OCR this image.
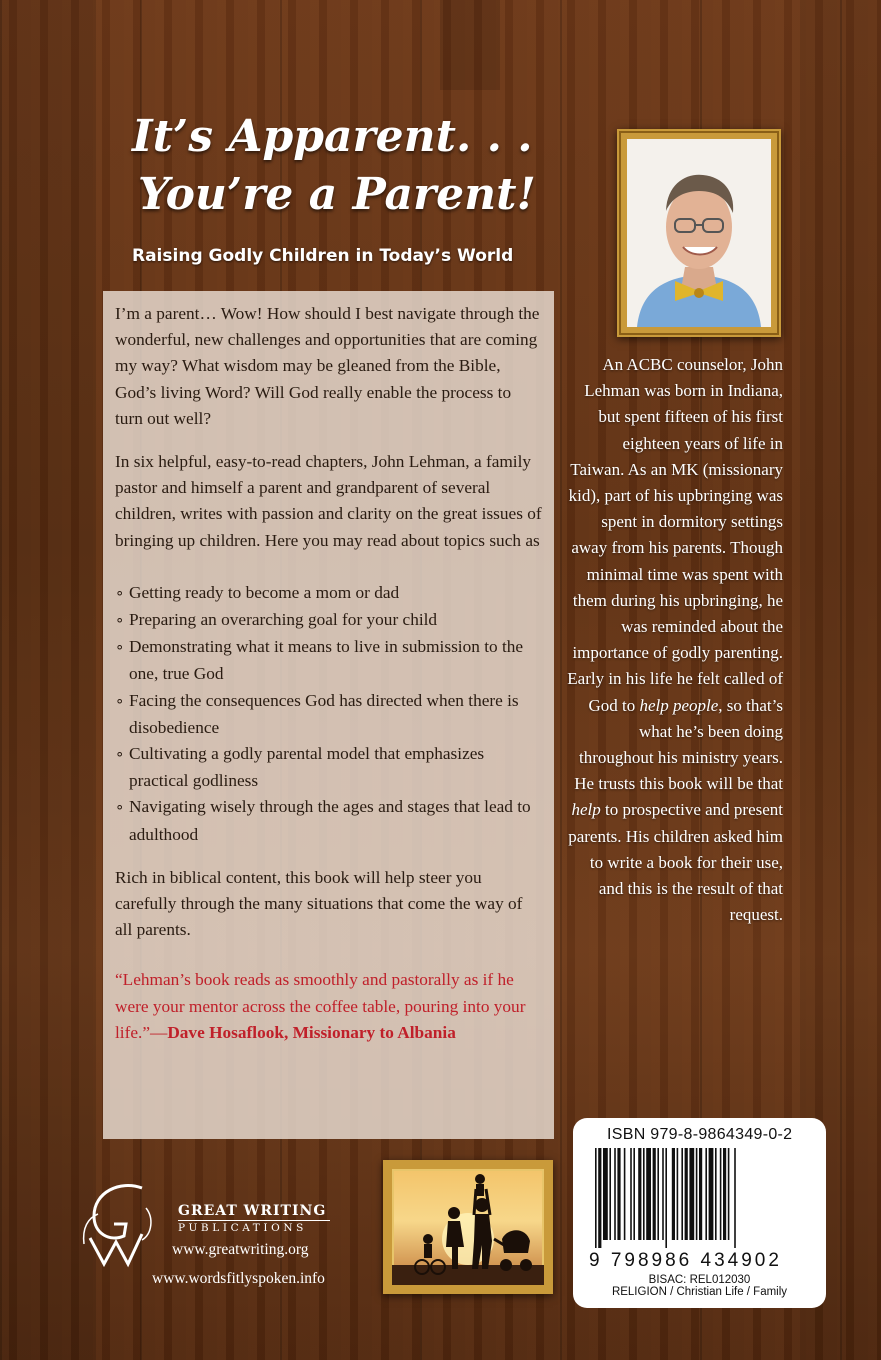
It’s Apparent. . .
You’re a Parent!

Raising Godly Children in Today’s World

I’m a parent… Wow! How should I best navigate through the wonderful, new challenges and opportunities that are coming my way? What wisdom may be gleaned from the Bible, God’s living Word? Will God really enable the process to turn out well?

In six helpful, easy-to-read chapters, John Lehman, a family pastor and himself a parent and grandparent of several children, writes with passion and clarity on the great issues of bringing up children. Here you may read about topics such as

∘ Getting ready to become a mom or dad
∘ Preparing an overarching goal for your child
∘ Demonstrating what it means to live in submission to the one, true God
∘ Facing the consequences God has directed when there is disobedience
∘ Cultivating a godly parental model that emphasizes practical godliness
∘ Navigating wisely through the ages and stages that lead to adulthood

Rich in biblical content, this book will help steer you carefully through the many situations that come the way of all parents.

“Lehman’s book reads as smoothly and pastorally as if he were your mentor across the coffee table, pouring into your life.”—Dave Hosaflook, Missionary to Albania

An ACBC counselor, John Lehman was born in Indiana, but spent fifteen of his first eighteen years of life in Taiwan. As an MK (missionary kid), part of his upbringing was spent in dormitory settings away from his parents. Though minimal time was spent with them during his upbringing, he was reminded about the importance of godly parenting. Early in his life he felt called of God to help people, so that’s what he’s been doing throughout his ministry years. He trusts this book will be that help to prospective and present parents. His children asked him to write a book for their use, and this is the result of that request.

GREAT WRITING

PUBLICATIONS

www.greatwriting.org

www.wordsfitlyspoken.info

ISBN 979-8-9864349-0-2

9 798986 434902

BISAC: REL012030

RELIGION / Christian Life / Family
